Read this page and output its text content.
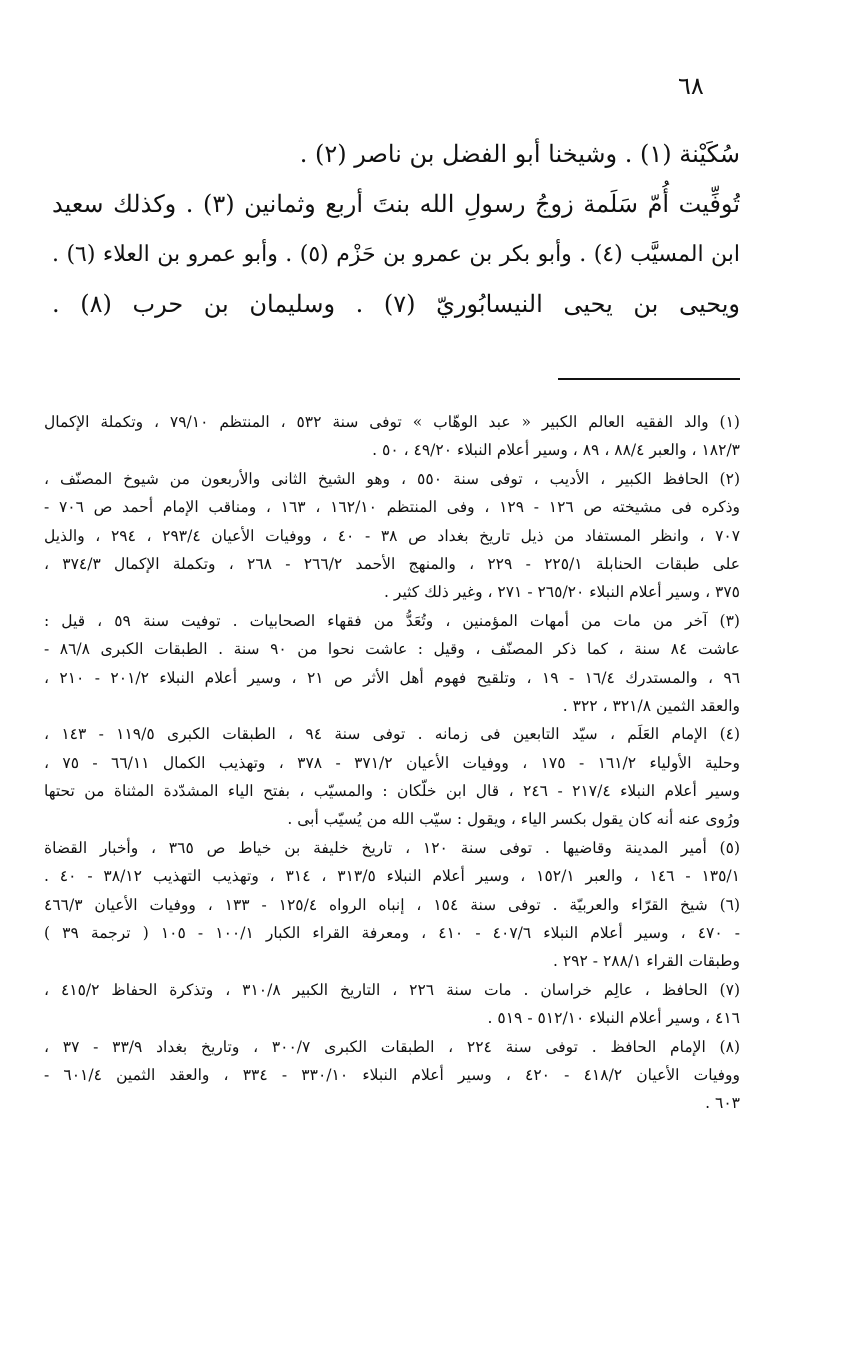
٦٨
سُكَيْنة (١) . وشيخنا أبو الفضل بن ناصر (٢) .
تُوفِّيت أُمّ سَلَمة زوجُ رسولِ الله بنتَ أربع وثمانين (٣) . وكذلك سعيد
ابن المسيَّب (٤) . وأبو بكر بن عمرو بن حَزْم (٥) . وأبو عمرو بن العلاء (٦) .
ويحيى بن يحيى النيسابُوريّ (٧) . وسليمان بن حرب (٨) .
(١) والد الفقيه العالم الكبير « عبد الوهّاب » توفى سنة ٥٣٢ ، المنتظم ٧٩/١٠ ، وتكملة الإكمال
١٨٢/٣ ، والعبر ٨٨/٤ ، ٨٩ ، وسير أعلام النبلاء ٤٩/٢٠ ، ٥٠ .
(٢) الحافظ الكبير ، الأديب ، توفى سنة ٥٥٠ ، وهو الشيخ الثانى والأربعون من شيوخ المصنّف ،
وذكره فى مشيخته ص ١٢٦ - ١٢٩ ، وفى المنتظم ١٦٢/١٠ ، ١٦٣ ، ومناقب الإمام أحمد ص ٧٠٦ -
٧٠٧ ، وانظر المستفاد من ذيل تاريخ بغداد ص ٣٨ - ٤٠ ، ووفيات الأعيان ٢٩٣/٤ ، ٢٩٤ ، والذيل
على طبقات الحنابلة ٢٢٥/١ - ٢٢٩ ، والمنهج الأحمد ٢٦٦/٢ - ٢٦٨ ، وتكملة الإكمال ٣٧٤/٣ ،
٣٧٥ ، وسير أعلام النبلاء ٢٦٥/٢٠ - ٢٧١ ، وغير ذلك كثير .
(٣) آخر من مات من أمهات المؤمنين ، وتُعَدُّ من فقهاء الصحابيات . توفيت سنة ٥٩ ، قيل :
عاشت ٨٤ سنة ، كما ذكر المصنّف ، وقيل : عاشت نحوا من ٩٠ سنة . الطبقات الكبرى ٨٦/٨ -
٩٦ ، والمستدرك ١٦/٤ - ١٩ ، وتلقيح فهوم أهل الأثر ص ٢١ ، وسير أعلام النبلاء ٢٠١/٢ - ٢١٠ ،
والعقد الثمين ٣٢١/٨ ، ٣٢٢ .
(٤) الإمام العَلَم ، سيّد التابعين فى زمانه . توفى سنة ٩٤ ، الطبقات الكبرى ١١٩/٥ - ١٤٣ ،
وحلية الأولياء ١٦١/٢ - ١٧٥ ، ووفيات الأعيان ٣٧١/٢ - ٣٧٨ ، وتهذيب الكمال ٦٦/١١ - ٧٥ ،
وسير أعلام النبلاء ٢١٧/٤ - ٢٤٦ ، قال ابن خلّكان : والمسيّب ، بفتح الياء المشدّدة المثناة من تحتها
ورُوى عنه أنه كان يقول بكسر الياء ، ويقول : سيّب الله من يُسيّب أبى .
(٥) أمير المدينة وقاضيها . توفى سنة ١٢٠ ، تاريخ خليفة بن خياط ص ٣٦٥ ، وأخبار القضاة
١٣٥/١ - ١٤٦ ، والعبر ١٥٢/١ ، وسير أعلام النبلاء ٣١٣/٥ ، ٣١٤ ، وتهذيب التهذيب ٣٨/١٢ - ٤٠ .
(٦) شيخ القرّاء والعربيّة . توفى سنة ١٥٤ ، إنباه الرواه ١٢٥/٤ - ١٣٣ ، ووفيات الأعيان ٤٦٦/٣
- ٤٧٠ ، وسير أعلام النبلاء ٤٠٧/٦ - ٤١٠ ، ومعرفة القراء الكبار ١٠٠/١ - ١٠٥ ( ترجمة ٣٩ )
وطبقات القراء ٢٨٨/١ - ٢٩٢ .
(٧) الحافظ ، عالِم خراسان . مات سنة ٢٢٦ ، التاريخ الكبير ٣١٠/٨ ، وتذكرة الحفاظ ٤١٥/٢ ،
٤١٦ ، وسير أعلام النبلاء ٥١٢/١٠ - ٥١٩ .
(٨) الإمام الحافظ . توفى سنة ٢٢٤ ، الطبقات الكبرى ٣٠٠/٧ ، وتاريخ بغداد ٣٣/٩ - ٣٧ ،
ووفيات الأعيان ٤١٨/٢ - ٤٢٠ ، وسير أعلام النبلاء ٣٣٠/١٠ - ٣٣٤ ، والعقد الثمين ٦٠١/٤ -
٦٠٣ .
